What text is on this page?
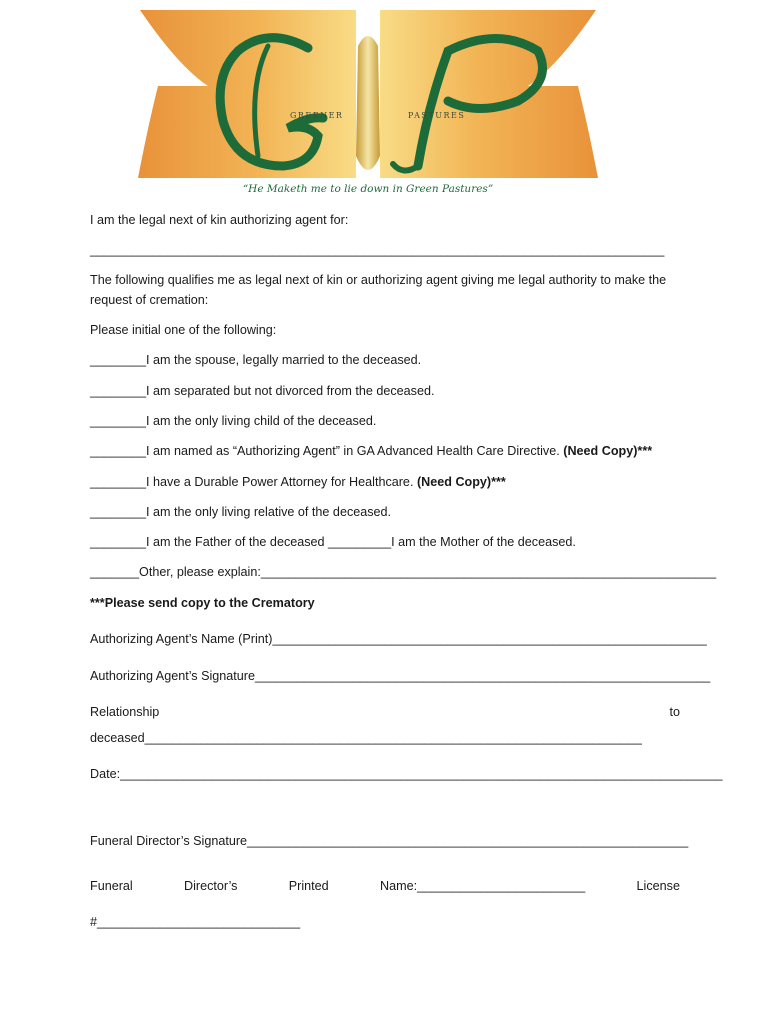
GREENER	PASTURES
“He Maketh me to lie down in Green Pastures”
I am the legal next of kin authorizing agent for:
__________________________________________________________________________________
The following qualifies me as legal next of kin or authorizing agent giving me legal authority to make the
request of cremation:
Please initial one of the following:
________I am the spouse, legally married to the deceased.
________I am separated but not divorced from the deceased.
________I am the only living child of the deceased.
________I am named as “Authorizing Agent” in GA Advanced Health Care Directive. (Need Copy)***
________I have a Durable Power Attorney for Healthcare. (Need Copy)***
________I am the only living relative of the deceased.
________I am the Father of the deceased _________I am the Mother of the deceased.
_______Other, please explain:_________________________________________________________________
***Please send copy to the Crematory
Authorizing Agent’s Name (Print)______________________________________________________________
Authorizing Agent’s Signature_________________________________________________________________
Relationship	to
deceased_______________________________________________________________________
Date:______________________________________________________________________________________
Funeral Director’s Signature_______________________________________________________________
Funeral	Director’s	Printed	Name:________________________	License
#_____________________________
